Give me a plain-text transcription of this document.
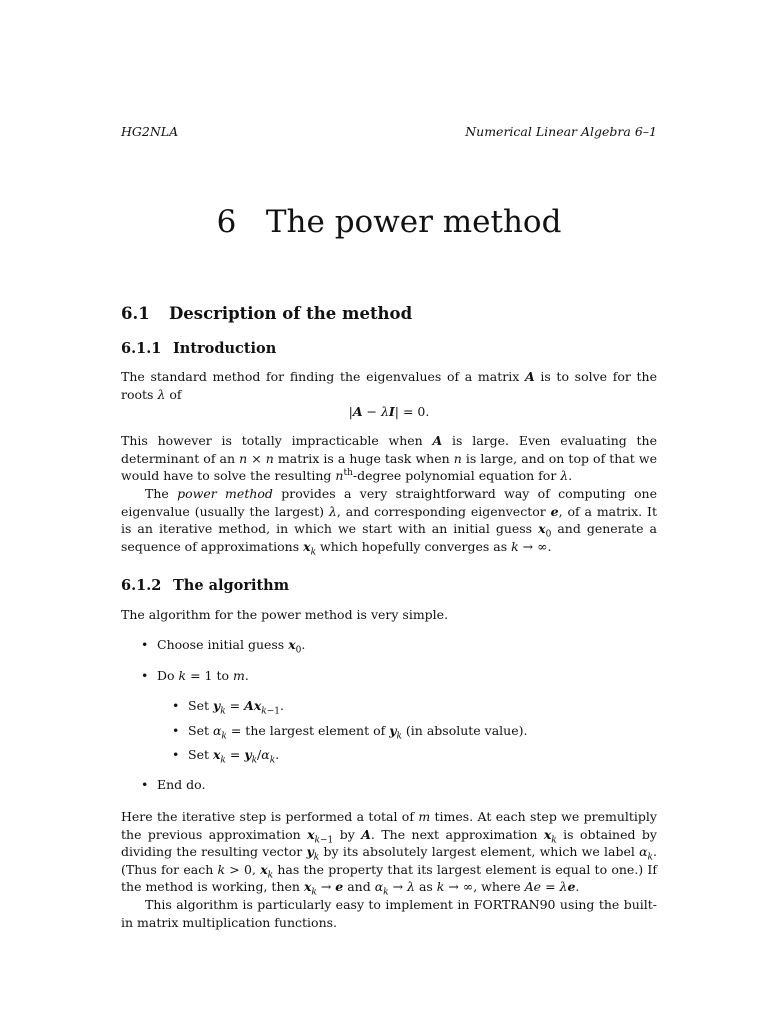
HG2NLA	Numerical Linear Algebra 6–1
6 The power method
6.1 Description of the method
6.1.1 Introduction
The standard method for finding the eigenvalues of a matrix A is to solve for the roots λ of
|A − λI| = 0.
This however is totally impracticable when A is large. Even evaluating the determinant of an n × n matrix is a huge task when n is large, and on top of that we would have to solve the resulting $n^{th}$-degree polynomial equation for λ.
The power method provides a very straightforward way of computing one eigenvalue (usually the largest) λ, and corresponding eigenvector e, of a matrix. It is an iterative method, in which we start with an initial guess $x_0$ and generate a sequence of approximations $x_k$ which hopefully converges as k → ∞.
6.1.2 The algorithm
The algorithm for the power method is very simple.
• Choose initial guess $x_0$.
• Do k = 1 to m.
• Set $y_k = Ax_{k-1}$.
• Set $\alpha_k$ = the largest element of $y_k$ (in absolute value).
• Set $x_k = y_k/\alpha_k$.
• End do.
Here the iterative step is performed a total of m times. At each step we premultiply the previous approximation $x_{k-1}$ by A. The next approximation $x_k$ is obtained by dividing the resulting vector $y_k$ by its absolutely largest element, which we label $\alpha_k$. (Thus for each k > 0, $x_k$ has the property that its largest element is equal to one.) If the method is working, then $x_k \to e$ and $\alpha_k \to \lambda$ as k → ∞, where Ae = λe.
This algorithm is particularly easy to implement in FORTRAN90 using the built-in matrix multiplication functions.
